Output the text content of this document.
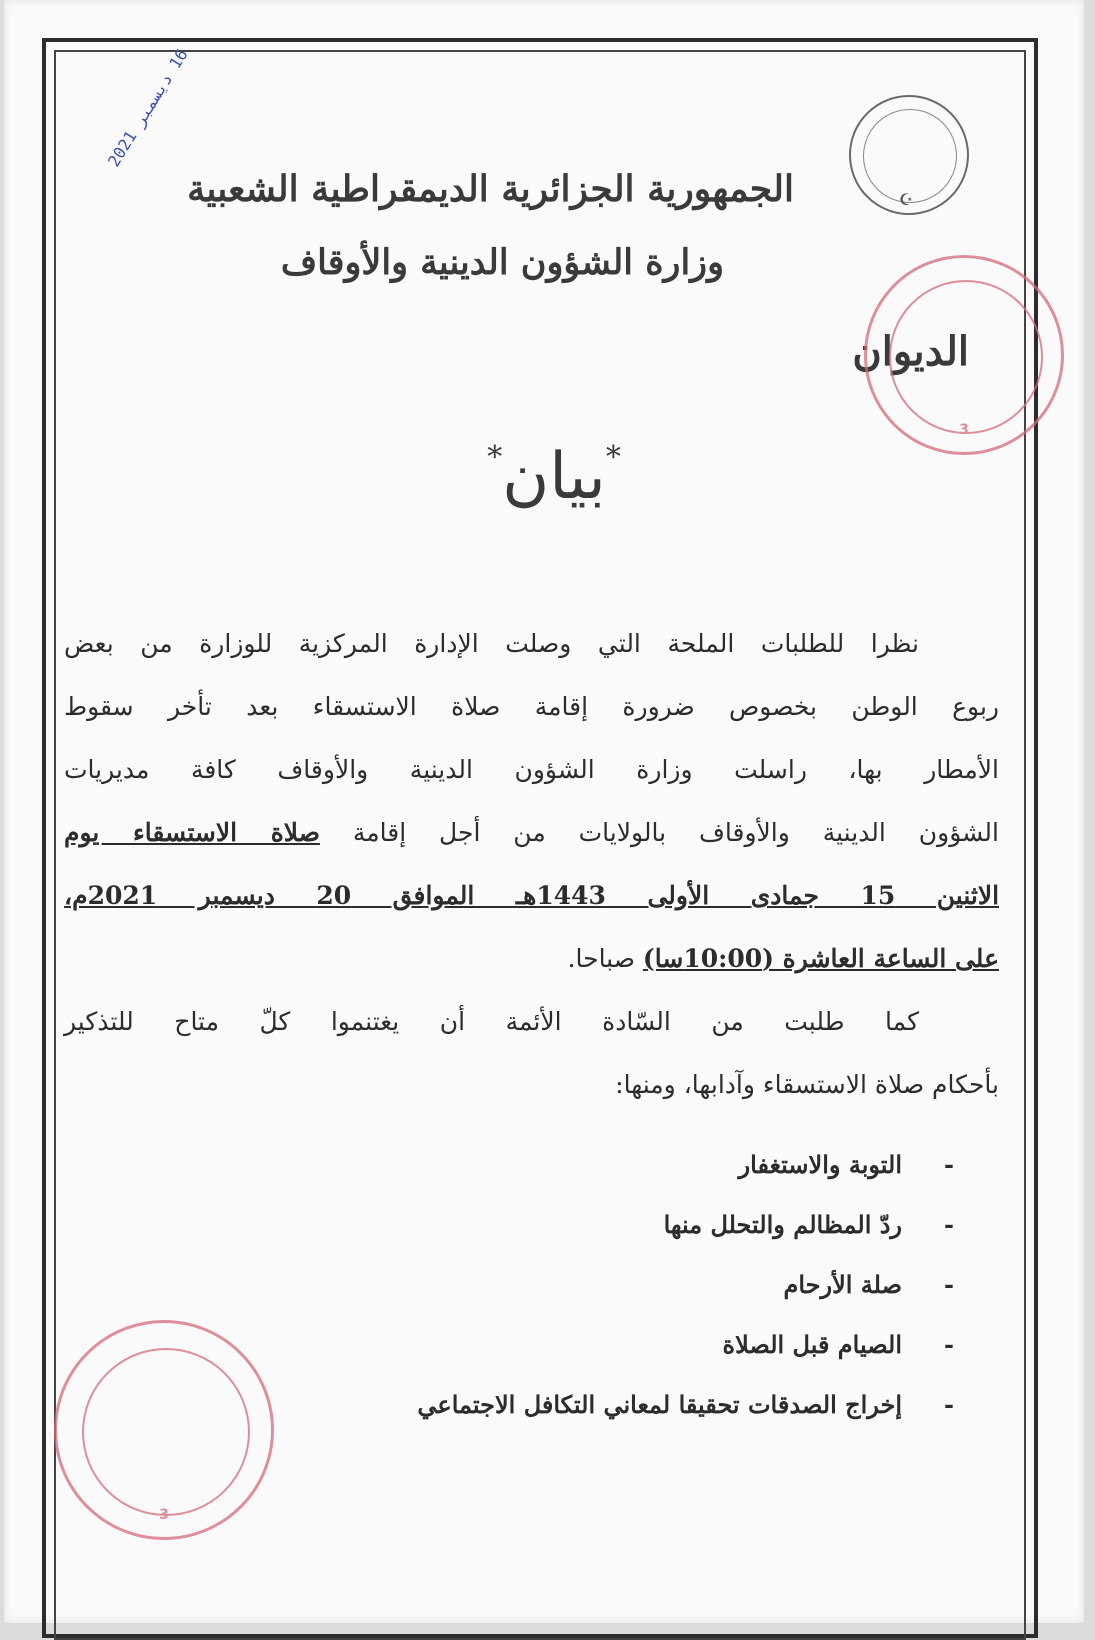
16 ديسمبر 2021
☪
الجمهورية الجزائرية الديمقراطية الشعبية
وزارة الشؤون الدينية والأوقاف
الديوان
3
*بيان*
نظرا للطلبات الملحة التي وصلت الإدارة المركزية للوزارة من بعض
ربوع الوطن بخصوص ضرورة إقامة صلاة الاستسقاء بعد تأخر سقوط
الأمطار بها، راسلت وزارة الشؤون الدينية والأوقاف كافة مديريات
الشؤون الدينية والأوقاف بالولايات من أجل إقامة صلاة الاستسقاء يوم
الاثنين 15 جمادى الأولى 1443هـ الموافق 20 ديسمبر 2021م،
على الساعة العاشرة (10:00سا) صباحا.
كما طلبت من السّادة الأئمة أن يغتنموا كلّ متاح للتذكير
بأحكام صلاة الاستسقاء وآدابها، ومنها:
-التوبة والاستغفار
-ردّ المظالم والتحلل منها
-صلة الأرحام
-الصيام قبل الصلاة
-إخراج الصدقات تحقيقا لمعاني التكافل الاجتماعي
3
